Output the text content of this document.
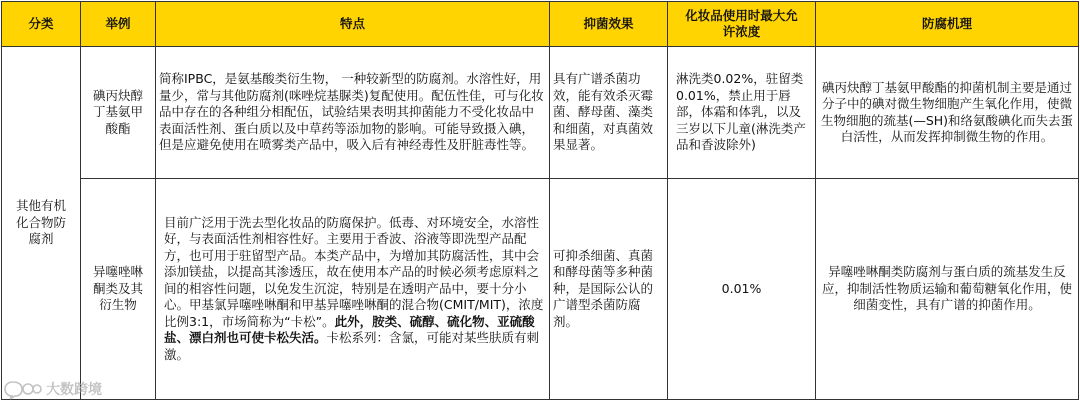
分类	举例	特点	抑菌效果	化妆品使用时最大允许浓度	防腐机理
其他有机化合物防腐剂	碘丙炔醇丁基氨甲酸酯	简称IPBC，是氨基酸类衍生物， 一种较新型的防腐剂。水溶性好，用量少，常与其他防腐剂(咪唑烷基脲类)复配使用。配伍性佳，可与化妆品中存在的各种组分相配伍，试验结果表明其抑菌能力不受化妆品中表面活性剂、蛋白质以及中草药等添加物的影响。可能导致摄入碘，但是应避免使用在喷雾类产品中，吸入后有神经毒性及肝脏毒性等。	具有广谱杀菌功效，能有效杀灭霉菌、酵母菌、藻类和细菌，对真菌效果显著。	淋洗类0.02%，驻留类0.01%，禁止用于唇部，体霜和体乳，以及三岁以下儿童(淋洗类产品和香波除外)	碘丙炔醇丁基氨甲酸酯的抑菌机制主要是通过分子中的碘对微生物细胞产生氧化作用，使微生物细胞的巯基(—SH)和络氨酸碘化而失去蛋白活性，从而发挥抑制微生物的作用。
	异噻唑啉酮类及其衍生物	目前广泛用于洗去型化妆品的防腐保护。低毒、对环境安全，水溶性好，与表面活性剂相容性好。主要用于香波、浴液等即洗型产品配方，也可用于驻留型产品。本类产品中，为增加其防腐活性，其中会添加镁盐，以提高其渗透压，故在使用本产品的时候必须考虑原料之间的相容性问题，以免发生沉淀，特别是在透明产品中，要十分小心。甲基氯异噻唑啉酮和甲基异噻唑啉酮的混合物(CMIT/MIT)，浓度比例3:1，市场简称为“卡松”。此外，胺类、硫醇、硫化物、亚硫酸盐、漂白剂也可使卡松失活。卡松系列：含氯，可能对某些肤质有刺激。	可抑杀细菌、真菌和酵母菌等多种菌种，是国际公认的广谱型杀菌防腐剂。	0.01%	异噻唑啉酮类防腐剂与蛋白质的巯基发生反应，抑制活性物质运输和葡萄糖氧化作用，使细菌变性，具有广谱的抑菌作用。
大数跨境
